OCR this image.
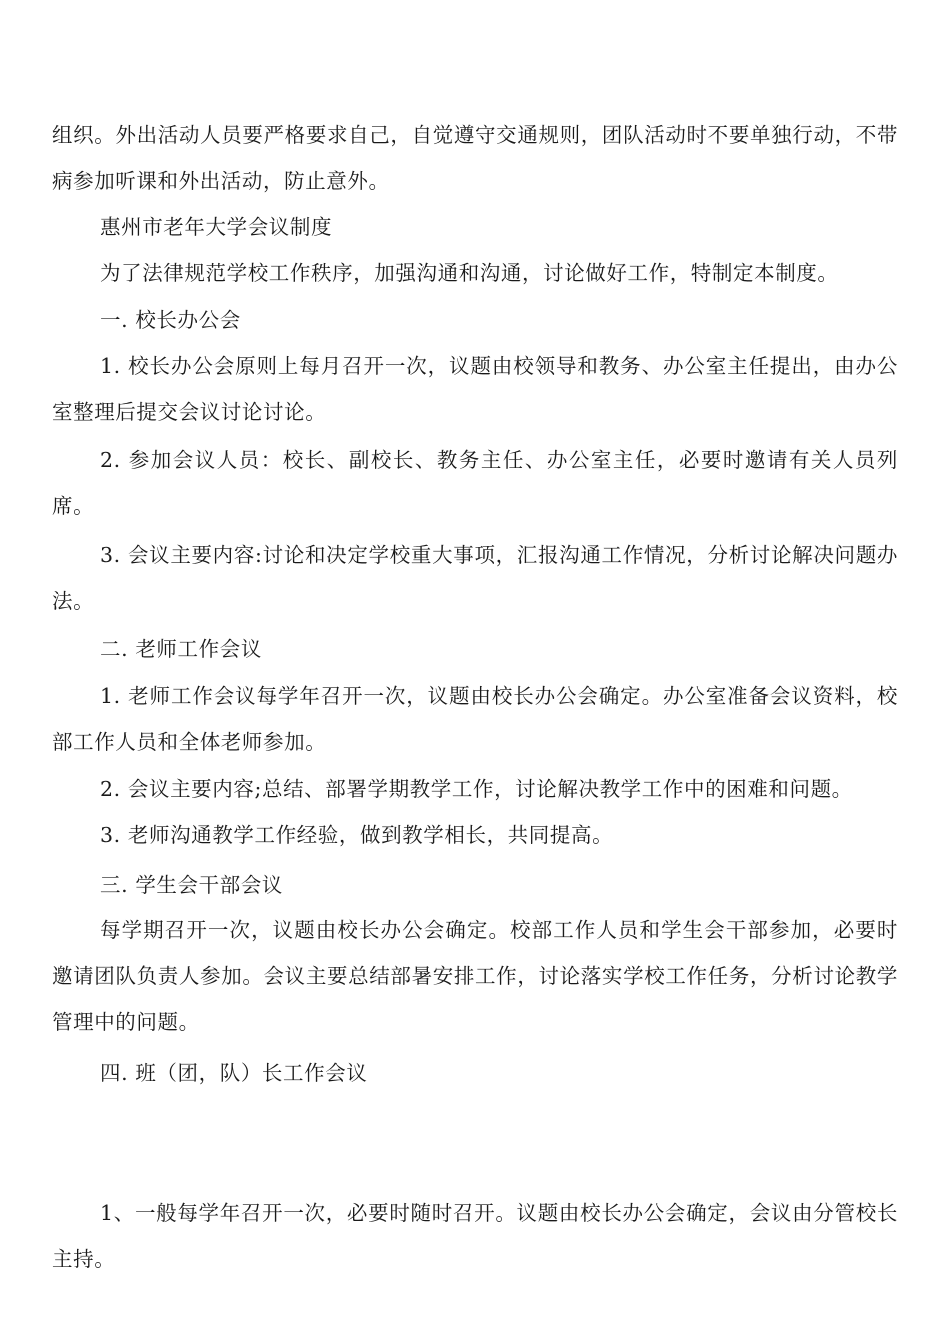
组织。外出活动人员要严格要求自己，自觉遵守交通规则，团队活动时不要单独行动，不带病参加听课和外出活动，防止意外。

惠州市老年大学会议制度

为了法律规范学校工作秩序，加强沟通和沟通，讨论做好工作，特制定本制度。

一. 校长办公会

1. 校长办公会原则上每月召开一次，议题由校领导和教务、办公室主任提出，由办公室整理后提交会议讨论讨论。

2. 参加会议人员：校长、副校长、教务主任、办公室主任，必要时邀请有关人员列席。

3. 会议主要内容:讨论和决定学校重大事项，汇报沟通工作情况，分析讨论解决问题办法。

二. 老师工作会议

1. 老师工作会议每学年召开一次，议题由校长办公会确定。办公室准备会议资料，校部工作人员和全体老师参加。

2. 会议主要内容;总结、部署学期教学工作，讨论解决教学工作中的困难和问题。

3. 老师沟通教学工作经验，做到教学相长，共同提高。

三. 学生会干部会议

每学期召开一次，议题由校长办公会确定。校部工作人员和学生会干部参加，必要时邀请团队负责人参加。会议主要总结部暑安排工作，讨论落实学校工作任务，分析讨论教学管理中的问题。

四. 班（团，队）长工作会议

1、一般每学年召开一次，必要时随时召开。议题由校长办公会确定，会议由分管校长主持。
